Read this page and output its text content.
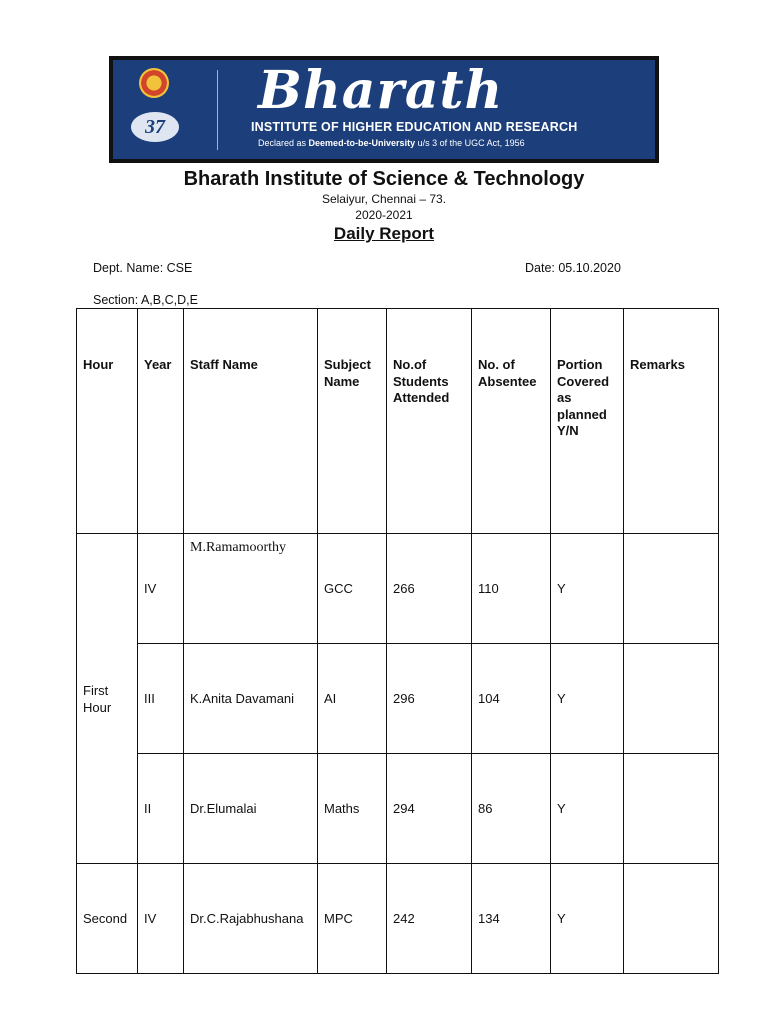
37
Bharath
INSTITUTE OF HIGHER EDUCATION AND RESEARCH
Declared as Deemed-to-be-University u/s 3 of the UGC Act, 1956
Bharath Institute of Science & Technology
Selaiyur, Chennai – 73.
2020-2021
Daily Report
Dept. Name: CSE	Date: 05.10.2020
Section: A,B,C,D,E
Hour	Year	Staff Name	Subject Name	No.of Students Attended	No. of Absentee	Portion Covered as planned Y/N	Remarks
First Hour	IV	M.Ramamoorthy	GCC	266	110	Y	
	III	K.Anita Davamani	AI	296	104	Y	
	II	Dr.Elumalai	Maths	294	86	Y	
Second	IV	Dr.C.Rajabhushana	MPC	242	134	Y	
